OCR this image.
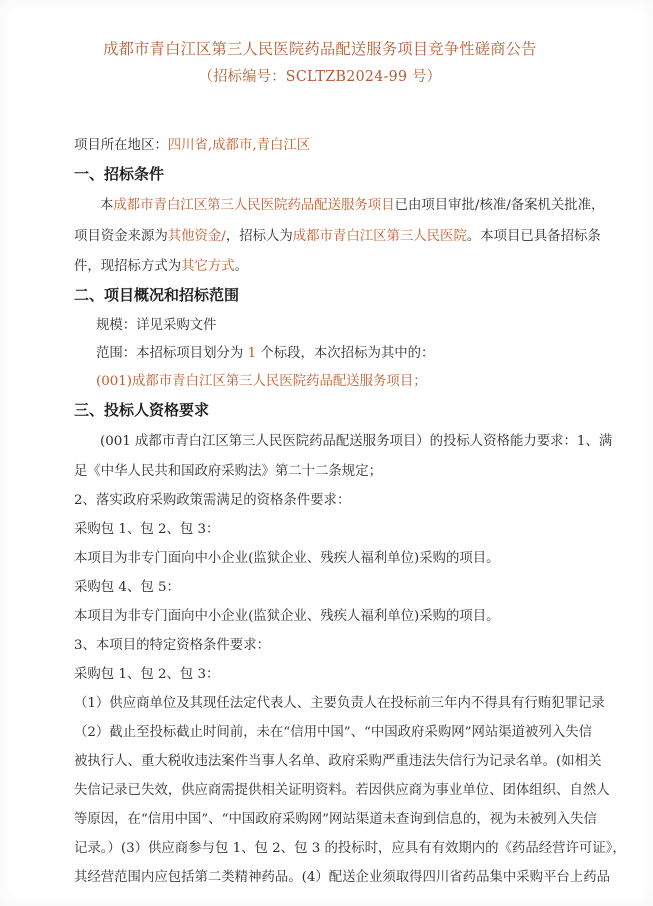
成都市青白江区第三人民医院药品配送服务项目竞争性磋商公告
（招标编号：SCLTZB2024-99 号）
项目所在地区：四川省,成都市,青白江区
一、招标条件
本成都市青白江区第三人民医院药品配送服务项目已由项目审批/核准/备案机关批准，
项目资金来源为其他资金/，招标人为成都市青白江区第三人民医院。本项目已具备招标条
件，现招标方式为其它方式。
二、项目概况和招标范围
规模：详见采购文件
范围：本招标项目划分为 1 个标段，本次招标为其中的：
(001)成都市青白江区第三人民医院药品配送服务项目；
三、投标人资格要求
(001 成都市青白江区第三人民医院药品配送服务项目）的投标人资格能力要求：1、满
足《中华人民共和国政府采购法》第二十二条规定；
2、落实政府采购政策需满足的资格条件要求：
采购包 1、包 2、包 3：
本项目为非专门面向中小企业(监狱企业、残疾人福利单位)采购的项目。
采购包 4、包 5：
本项目为非专门面向中小企业(监狱企业、残疾人福利单位)采购的项目。
3、本项目的特定资格条件要求：
采购包 1、包 2、包 3：
（1）供应商单位及其现任法定代表人、主要负责人在投标前三年内不得具有行贿犯罪记录
（2）截止至投标截止时间前，未在“信用中国”、“中国政府采购网”网站渠道被列入失信
被执行人、重大税收违法案件当事人名单、政府采购严重违法失信行为记录名单。(如相关
失信记录已失效，供应商需提供相关证明资料。若因供应商为事业单位、团体组织、自然人
等原因，在“信用中国”、“中国政府采购网”网站渠道未查询到信息的，视为未被列入失信
记录。）(3）供应商参与包 1、包 2、包 3 的投标时，应具有有效期内的《药品经营许可证》，
其经营范围内应包括第二类精神药品。(4）配送企业须取得四川省药品集中采购平台上药品
